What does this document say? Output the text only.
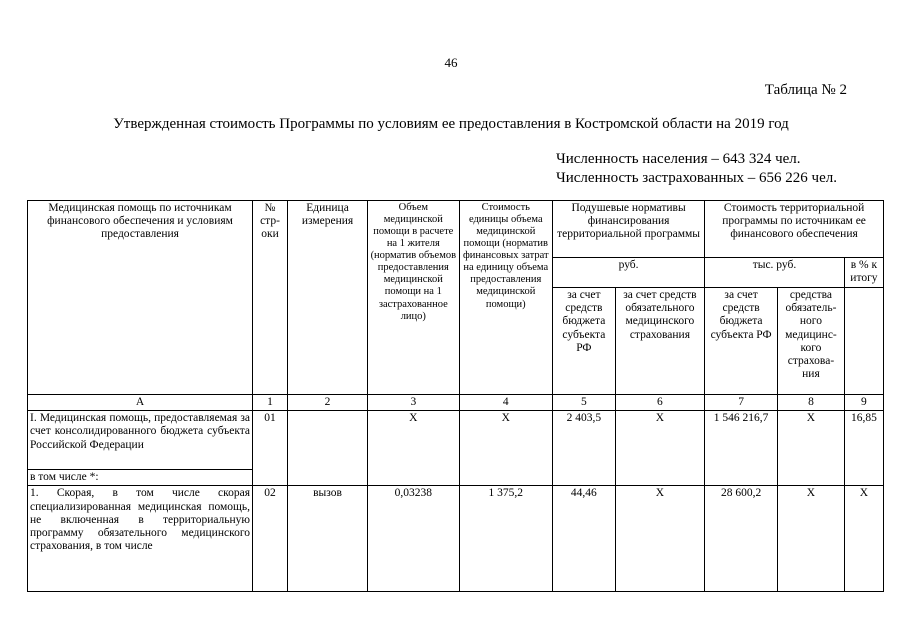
46
Таблица № 2
Утвержденная стоимость Программы по условиям ее предоставления в Костромской области на 2019 год
Численность населения – 643 324 чел.
Численность застрахованных – 656 226 чел.
Медицинская помощь по источникам финансового обеспечения и условиям предоставления	№ стр-оки	Единица измерения	Объем медицинской помощи в расчете на 1 жителя (норматив объемов предоставления медицинской помощи на 1 застрахованное лицо)	Стоимость единицы объема медицинской помощи (норматив финансовых затрат на единицу объема предоставления медицинской помощи)	Подушевые нормативы финансирования территориальной программы		Стоимость территориальной программы по источникам ее финансового обеспечения		
					руб.		тыс. руб.		в % к итогу
					за счет средств бюджета субъекта РФ	за счет средств обязательного медицинского страхования	за счет средств бюджета субъекта РФ	средства обязатель-ного медицинс-кого страхова-ния	
А	1	2	3	4	5	6	7	8	9
I. Медицинская помощь, предоставляемая за счет консолидированного бюджета субъекта Российской Федерации	01		Х	Х	2 403,5	Х	1 546 216,7	Х	16,85
в том числе *:									
1. Скорая, в том числе скорая специализированная медицинская помощь, не включенная в территориальную программу обязательного медицинского страхования, в том числе	02	вызов	0,03238	1 375,2	44,46	Х	28 600,2	Х	Х
